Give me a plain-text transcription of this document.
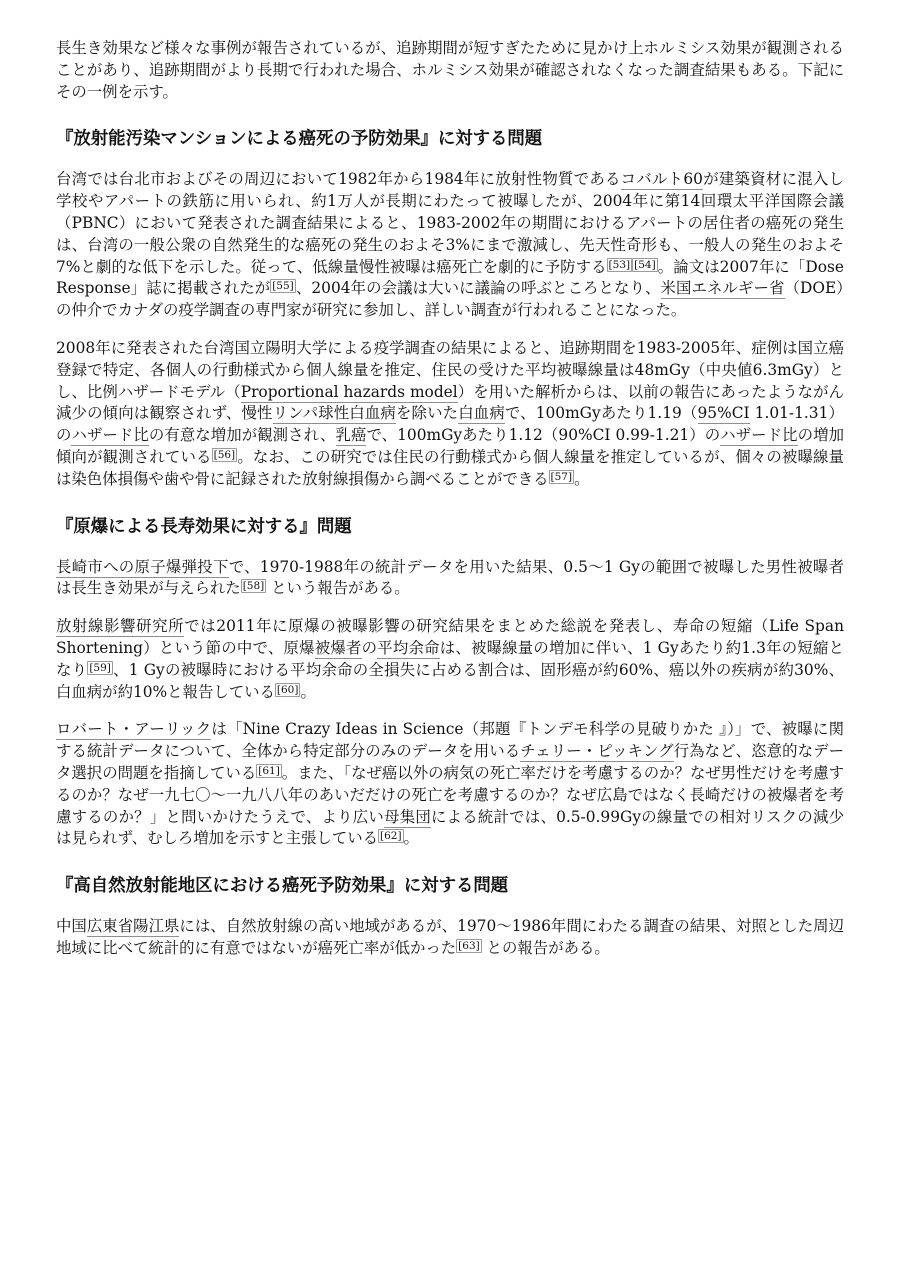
長生き効果など様々な事例が報告されているが、追跡期間が短すぎたために見かけ上ホルミシス効果が観測されることがあり、追跡期間がより長期で行われた場合、ホルミシス効果が確認されなくなった調査結果もある。下記にその一例を示す。

『放射能汚染マンションによる癌死の予防効果』に対する問題

台湾では台北市およびその周辺において1982年から1984年に放射性物質であるコバルト60が建築資材に混入し学校やアパートの鉄筋に用いられ、約1万人が長期にわたって被曝したが、2004年に第14回環太平洋国際会議（PBNC）において発表された調査結果によると、1983-2002年の期間におけるアパートの居住者の癌死の発生は、台湾の一般公衆の自然発生的な癌死の発生のおよそ3%にまで激減し、先天性奇形も、一般人の発生のおよそ7%と劇的な低下を示した。従って、低線量慢性被曝は癌死亡を劇的に予防する [53] [54] 。論文は2007年に「Dose Response」誌に掲載されたが [55] 、2004年の会議は大いに議論の呼ぶところとなり、米国エネルギー省（DOE）の仲介でカナダの疫学調査の専門家が研究に参加し、詳しい調査が行われることになった。

2008年に発表された台湾国立陽明大学による疫学調査の結果によると、追跡期間を1983-2005年、症例は国立癌登録で特定、各個人の行動様式から個人線量を推定、住民の受けた平均被曝線量は48mGy（中央値6.3mGy）とし、比例ハザードモデル（Proportional hazards model）を用いた解析からは、以前の報告にあったようながん減少の傾向は観察されず、慢性リンパ球性白血病を除いた白血病で、100mGyあたり1.19（95%CI 1.01-1.31）のハザード比の有意な増加が観測され、乳癌で、100mGyあたり1.12（90%CI 0.99-1.21）のハザード比の増加傾向が観測されている [56] 。なお、この研究では住民の行動様式から個人線量を推定しているが、個々の被曝線量は染色体損傷や歯や骨に記録された放射線損傷から調べることができる [57] 。

『原爆による長寿効果に対する』問題

長崎市への原子爆弾投下で、1970-1988年の統計データを用いた結果、0.5～1 Gyの範囲で被曝した男性被曝者は長生き効果が与えられた [58] という報告がある。

放射線影響研究所では2011年に原爆の被曝影響の研究結果をまとめた総説を発表し、寿命の短縮（Life Span Shortening）という節の中で、原爆被爆者の平均余命は、被曝線量の増加に伴い、1 Gyあたり約1.3年の短縮となり [59] 、1 Gyの被曝時における平均余命の全損失に占める割合は、固形癌が約60%、癌以外の疾病が約30%、白血病が約10%と報告している [60] 。

ロバート・アーリックは「Nine Crazy Ideas in Science（邦題『トンデモ科学の見破りかた 』）」で、被曝に関する統計データについて、全体から特定部分のみのデータを用いるチェリー・ピッキング行為など、恣意的なデータ選択の問題を指摘している [61] 。また、「なぜ癌以外の病気の死亡率だけを考慮するのか？なぜ男性だけを考慮するのか？なぜ一九七〇～一九八八年のあいだだけの死亡を考慮するのか？なぜ広島ではなく長崎だけの被爆者を考慮するのか？」と問いかけたうえで、より広い母集団による統計では、0.5-0.99Gyの線量での相対リスクの減少は見られず、むしろ増加を示すと主張している [62] 。

『高自然放射能地区における癌死予防効果』に対する問題

中国広東省陽江県には、自然放射線の高い地域があるが、1970～1986年間にわたる調査の結果、対照とした周辺地域に比べて統計的に有意ではないが癌死亡率が低かった [63] との報告がある。
